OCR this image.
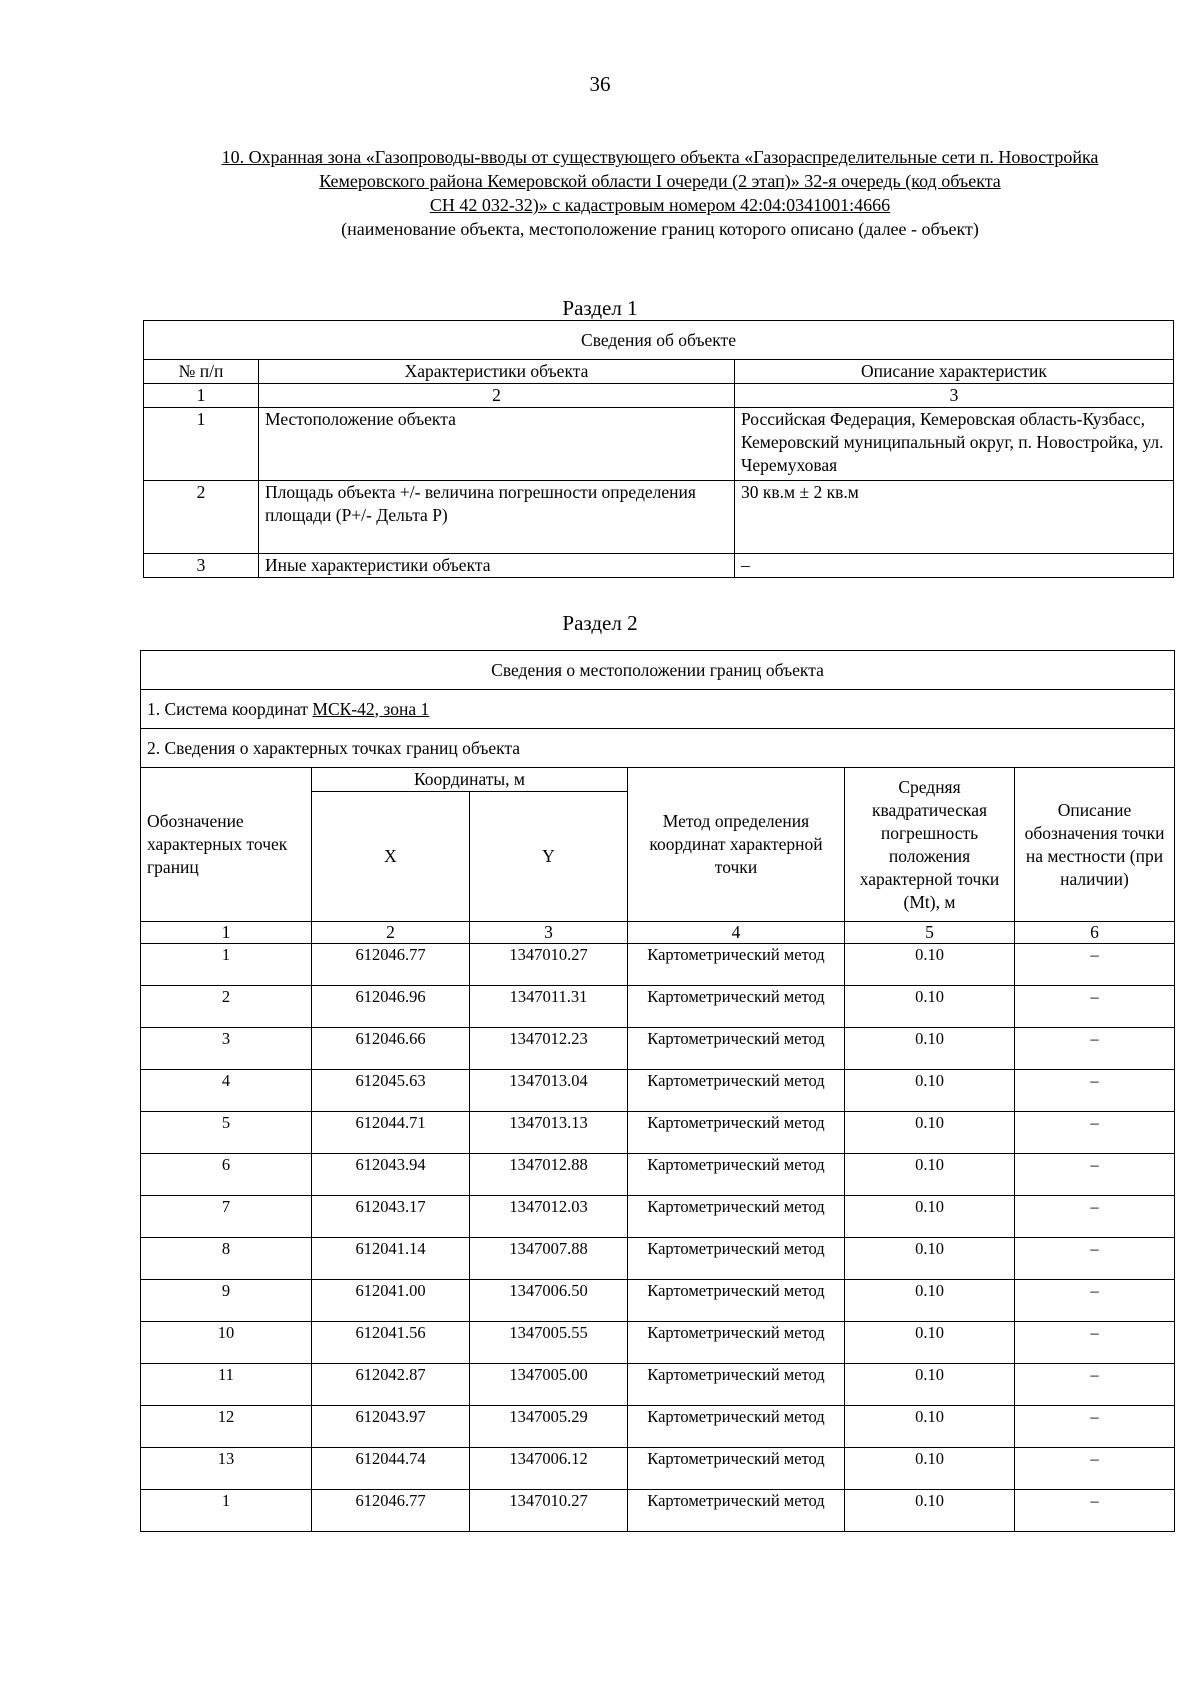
36
10. Охранная зона «Газопроводы-вводы от существующего объекта «Газораспределительные сети п. Новостройка
Кемеровского района Кемеровской области I очереди (2 этап)» 32-я очередь (код объекта
СН 42 032-32)» с кадастровым номером 42:04:0341001:4666
(наименование объекта, местоположение границ которого описано (далее - объект)
Раздел 1
Сведения об объекте		
№ п/п	Характеристики объекта	Описание характеристик
1	2	3
1	Местоположение объекта	Российская Федерация, Кемеровская область-Кузбасс, Кемеровский муниципальный округ, п. Новостройка, ул. Черемуховая
2	Площадь объекта +/- величина погрешности определения площади (P+/- Дельта P)	30 кв.м ± 2 кв.м
3	Иные характеристики объекта	–
Раздел 2
Сведения о местоположении границ объекта					
1. Система координат МСК-42, зона 1					
2. Сведения о характерных точках границ объекта					
Обозначение характерных точек границ	Координаты, м		Метод определения координат характерной точки	Средняя квадратическая погрешность положения характерной точки (Mt), м	Описание обозначения точки на местности (при наличии)
	X	Y			
1	2	3	4	5	6
1	612046.77	1347010.27	Картометрический метод	0.10	–
2	612046.96	1347011.31	Картометрический метод	0.10	–
3	612046.66	1347012.23	Картометрический метод	0.10	–
4	612045.63	1347013.04	Картометрический метод	0.10	–
5	612044.71	1347013.13	Картометрический метод	0.10	–
6	612043.94	1347012.88	Картометрический метод	0.10	–
7	612043.17	1347012.03	Картометрический метод	0.10	–
8	612041.14	1347007.88	Картометрический метод	0.10	–
9	612041.00	1347006.50	Картометрический метод	0.10	–
10	612041.56	1347005.55	Картометрический метод	0.10	–
11	612042.87	1347005.00	Картометрический метод	0.10	–
12	612043.97	1347005.29	Картометрический метод	0.10	–
13	612044.74	1347006.12	Картометрический метод	0.10	–
1	612046.77	1347010.27	Картометрический метод	0.10	–
